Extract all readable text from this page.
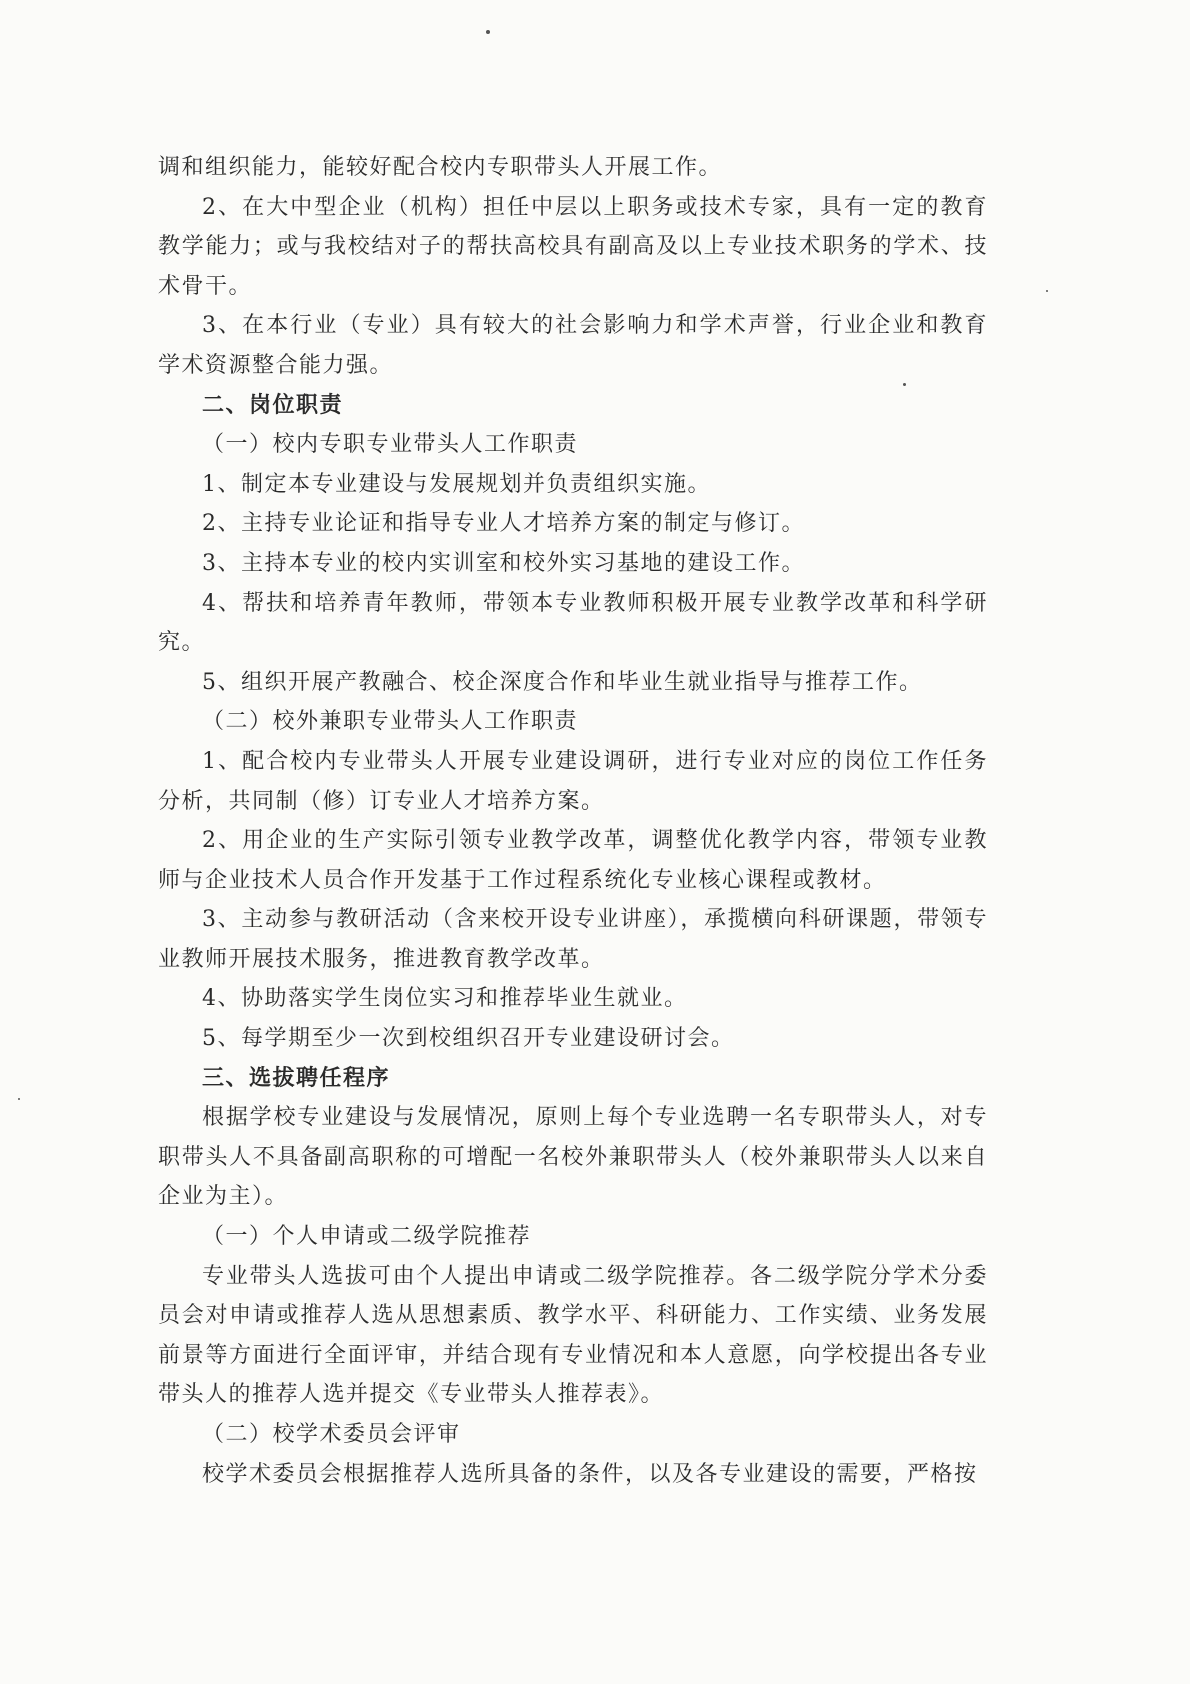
调和组织能力，能较好配合校内专职带头人开展工作。

2、在大中型企业（机构）担任中层以上职务或技术专家，具有一定的教育教学能力；或与我校结对子的帮扶高校具有副高及以上专业技术职务的学术、技术骨干。

3、在本行业（专业）具有较大的社会影响力和学术声誉，行业企业和教育学术资源整合能力强。

二、岗位职责

（一）校内专职专业带头人工作职责

1、制定本专业建设与发展规划并负责组织实施。

2、主持专业论证和指导专业人才培养方案的制定与修订。

3、主持本专业的校内实训室和校外实习基地的建设工作。

4、帮扶和培养青年教师，带领本专业教师积极开展专业教学改革和科学研究。

5、组织开展产教融合、校企深度合作和毕业生就业指导与推荐工作。

（二）校外兼职专业带头人工作职责

1、配合校内专业带头人开展专业建设调研，进行专业对应的岗位工作任务分析，共同制（修）订专业人才培养方案。

2、用企业的生产实际引领专业教学改革，调整优化教学内容，带领专业教师与企业技术人员合作开发基于工作过程系统化专业核心课程或教材。

3、主动参与教研活动（含来校开设专业讲座），承揽横向科研课题，带领专业教师开展技术服务，推进教育教学改革。

4、协助落实学生岗位实习和推荐毕业生就业。

5、每学期至少一次到校组织召开专业建设研讨会。

三、选拔聘任程序

根据学校专业建设与发展情况，原则上每个专业选聘一名专职带头人，对专职带头人不具备副高职称的可增配一名校外兼职带头人（校外兼职带头人以来自企业为主）。

（一）个人申请或二级学院推荐

专业带头人选拔可由个人提出申请或二级学院推荐。各二级学院分学术分委员会对申请或推荐人选从思想素质、教学水平、科研能力、工作实绩、业务发展前景等方面进行全面评审，并结合现有专业情况和本人意愿，向学校提出各专业带头人的推荐人选并提交《专业带头人推荐表》。

（二）校学术委员会评审

校学术委员会根据推荐人选所具备的条件，以及各专业建设的需要，严格按
